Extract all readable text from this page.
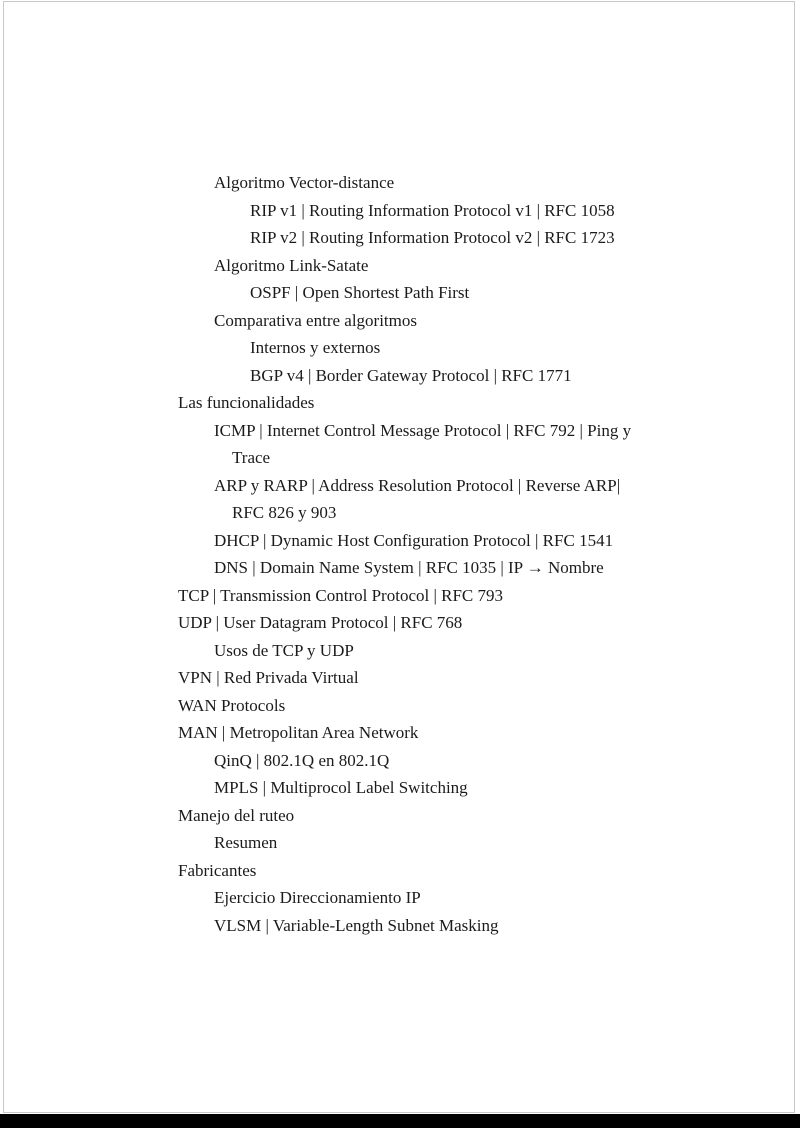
Algoritmo Vector-distance
RIP v1 | Routing Information Protocol v1 | RFC 1058
RIP v2 | Routing Information Protocol v2 | RFC 1723
Algoritmo Link-Satate
OSPF | Open Shortest Path First
Comparativa entre algoritmos
Internos y externos
BGP v4 | Border Gateway Protocol | RFC 1771
Las funcionalidades
ICMP | Internet Control Message Protocol | RFC 792 | Ping y
Trace
ARP y RARP | Address Resolution Protocol | Reverse ARP|
RFC 826 y 903
DHCP | Dynamic Host Configuration Protocol | RFC 1541
DNS | Domain Name System | RFC 1035 | IP → Nombre
TCP | Transmission Control Protocol | RFC 793
UDP | User Datagram Protocol | RFC 768
Usos de TCP y UDP
VPN | Red Privada Virtual
WAN Protocols
MAN | Metropolitan Area Network
QinQ | 802.1Q en 802.1Q
MPLS | Multiprocol Label Switching
Manejo del ruteo
Resumen
Fabricantes
Ejercicio Direccionamiento IP
VLSM | Variable-Length Subnet Masking
